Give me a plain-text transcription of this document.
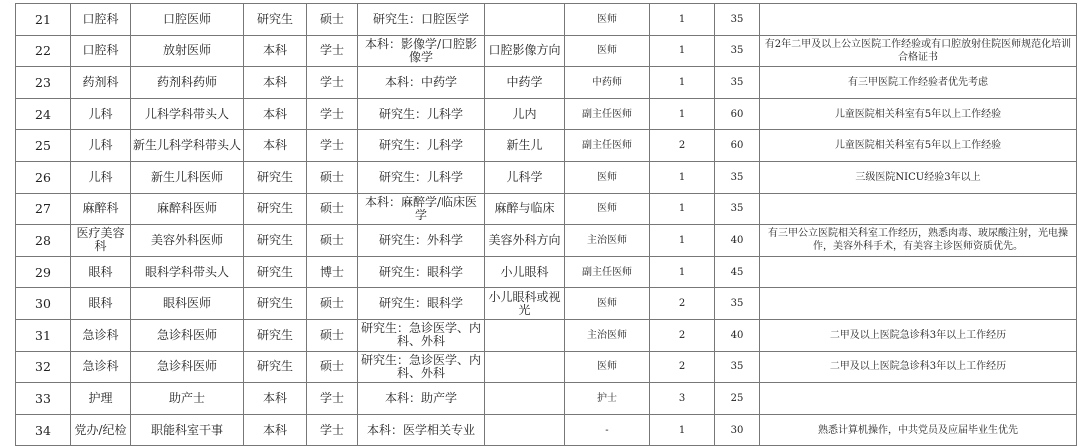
21	口腔科	口腔医师	研究生	硕士	研究生：口腔医学		医师	1	35	
22	口腔科	放射医师	本科	学士	本科：影像学/口腔影像学	口腔影像方向	医师	1	35	有2年二甲及以上公立医院工作经验或有口腔放射住院医师规范化培训合格证书
23	药剂科	药剂科药师	本科	学士	本科：中药学	中药学	中药师	1	35	有三甲医院工作经验者优先考虑
24	儿科	儿科学科带头人	本科	学士	研究生：儿科学	儿内	副主任医师	1	60	儿童医院相关科室有5年以上工作经验
25	儿科	新生儿科学科带头人	本科	学士	研究生：儿科学	新生儿	副主任医师	2	60	儿童医院相关科室有5年以上工作经验
26	儿科	新生儿科医师	研究生	硕士	研究生：儿科学	儿科学	医师	1	35	三级医院NICU经验3年以上
27	麻醉科	麻醉科医师	研究生	硕士	本科：麻醉学/临床医学	麻醉与临床	医师	1	35	
28	医疗美容科	美容外科医师	研究生	硕士	研究生：外科学	美容外科方向	主治医师	1	40	有三甲公立医院相关科室工作经历，熟悉肉毒、玻尿酸注射，光电操作，美容外科手术，有美容主诊医师资质优先。
29	眼科	眼科学科带头人	研究生	博士	研究生：眼科学	小儿眼科	副主任医师	1	45	
30	眼科	眼科医师	研究生	硕士	研究生：眼科学	小儿眼科或视光	医师	2	35	
31	急诊科	急诊科医师	研究生	硕士	研究生：急诊医学、内科、外科		主治医师	2	40	二甲及以上医院急诊科3年以上工作经历
32	急诊科	急诊科医师	研究生	硕士	研究生：急诊医学、内科、外科		医师	2	35	二甲及以上医院急诊科3年以上工作经历
33	护理	助产士	本科	学士	本科：助产学		护士	3	25	
34	党办/纪检	职能科室干事	本科	学士	本科：医学相关专业		-	1	30	熟悉计算机操作，中共党员及应届毕业生优先
